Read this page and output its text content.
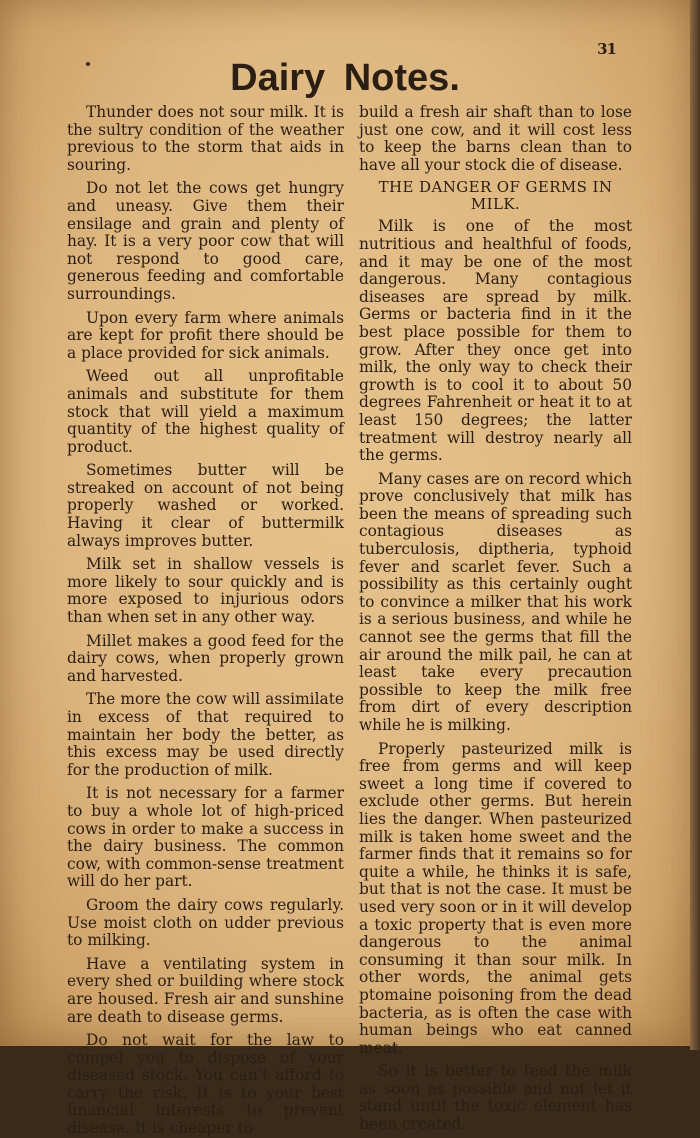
31
Dairy Notes.

Thunder does not sour milk. It is the sultry condition of the weather previous to the storm that aids in souring.

Do not let the cows get hungry and uneasy. Give them their ensilage and grain and plenty of hay. It is a very poor cow that will not respond to good care, generous feeding and comfortable surroundings.

Upon every farm where animals are kept for profit there should be a place provided for sick animals.

Weed out all unprofitable animals and substitute for them stock that will yield a maximum quantity of the highest quality of product.

Sometimes butter will be streaked on account of not being properly washed or worked. Having it clear of buttermilk always improves butter.

Milk set in shallow vessels is more likely to sour quickly and is more exposed to injurious odors than when set in any other way.

Millet makes a good feed for the dairy cows, when properly grown and harvested.

The more the cow will assimilate in excess of that required to maintain her body the better, as this excess may be used directly for the production of milk.

It is not necessary for a farmer to buy a whole lot of high-priced cows in order to make a success in the dairy business. The common cow, with common-sense treatment will do her part.

Groom the dairy cows regularly. Use moist cloth on udder previous to milking.

Have a ventilating system in every shed or building where stock are housed. Fresh air and sunshine are death to disease germs.

Do not wait for the law to compel you to dispose of your diseased stock. You can't afford to carry the risk. It is to your best financial interests to prevent disease. It is cheaper to

build a fresh air shaft than to lose just one cow, and it will cost less to keep the barns clean than to have all your stock die of disease.

THE DANGER OF GERMS IN MILK.

Milk is one of the most nutritious and healthful of foods, and it may be one of the most dangerous. Many contagious diseases are spread by milk. Germs or bacteria find in it the best place possible for them to grow. After they once get into milk, the only way to check their growth is to cool it to about 50 degrees Fahrenheit or heat it to at least 150 degrees; the latter treatment will destroy nearly all the germs.

Many cases are on record which prove conclusively that milk has been the means of spreading such contagious diseases as tuberculosis, diptheria, typhoid fever and scarlet fever. Such a possibility as this certainly ought to convince a milker that his work is a serious business, and while he cannot see the germs that fill the air around the milk pail, he can at least take every precaution possible to keep the milk free from dirt of every description while he is milking.

Properly pasteurized milk is free from germs and will keep sweet a long time if covered to exclude other germs. But herein lies the danger. When pasteurized milk is taken home sweet and the farmer finds that it remains so for quite a while, he thinks it is safe, but that is not the case. It must be used very soon or in it will develop a toxic property that is even more dangerous to the animal consuming it than sour milk. In other words, the animal gets ptomaine poisoning from the dead bacteria, as is often the case with human beings who eat canned meat.

So it is better to feed the milk as soon as possible and not let it stand until the toxic element has been created.
